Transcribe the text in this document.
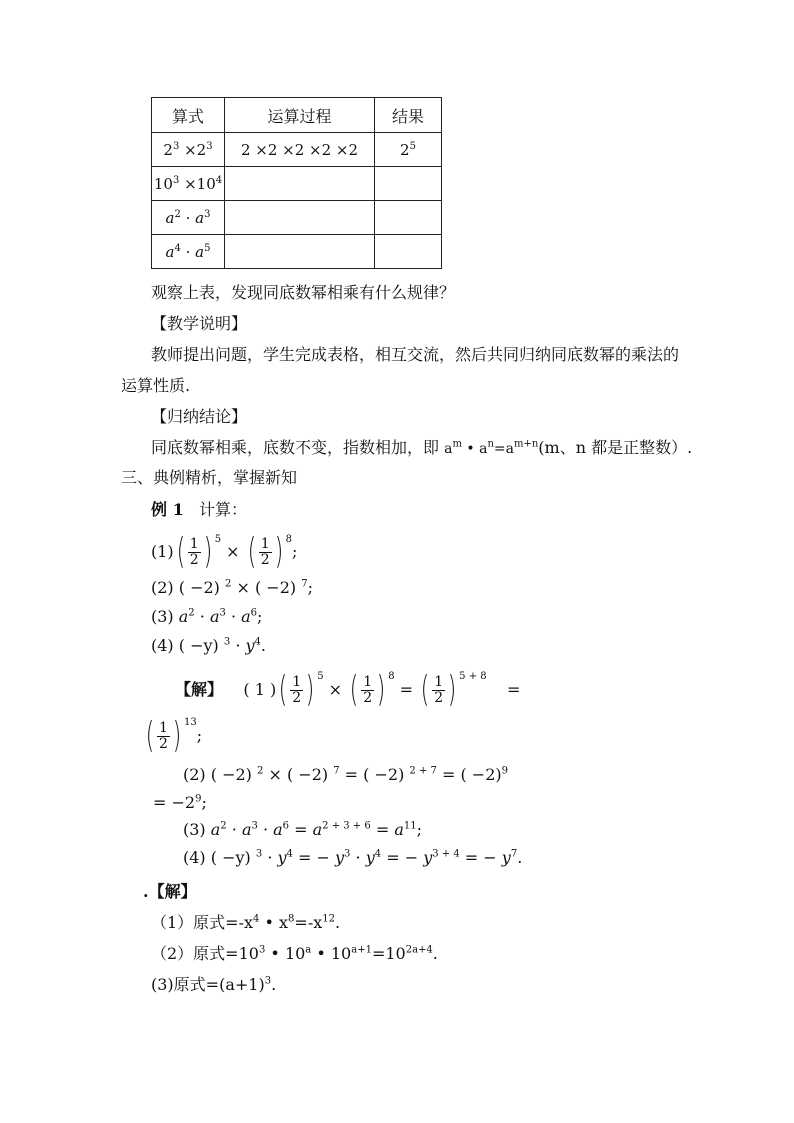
算式	运算过程	结果
$2^3 \times 2^3$	2 ×2 ×2 ×2 ×2	$2^5$
$10^3 \times 10^4$		
$a^2 \cdot a^3$		
$a^4 \cdot a^5$		
观察上表，发现同底数幂相乘有什么规律？
【教学说明】
教师提出问题，学生完成表格，相互交流，然后共同归纳同底数幂的乘法的
运算性质.
【归纳结论】
同底数幂相乘，底数不变，指数相加，即 $a^m$ • $a^n=a^{m+n}(m$、n 都是正整数）.
三、典例精析，掌握新知
例 1 计算：
(1) ( $\frac{1}{2}$ ) $^5$
× ( $\frac{1}{2}$ ) $^8$
;
(2) ( −2) $^2$ × ( −2) $^7$;
(3) $a^2 \cdot a^3 \cdot a^6$;
(4) ( −y) $^3 \cdot y^4$.
【解】
( 1 ) ( $\frac{1}{2}$ ) $^5$
× ( $\frac{1}{2}$ ) $^8$
= ( $\frac{1}{2}$ ) $^{5 + 8}$
=
( $\frac{1}{2}$ ) $^{13}$
;
(2) ( −2) $^2$ × ( −2) $^7$ = ( −2) $^{2 + 7}$ = ( −2)$^9$
= $-2^9$;
(3) $a^2 \cdot a^3 \cdot a^6 = a^{2 + 3 + 6} = a^{11}$;
(4) ( −y) $^3 \cdot y^4$ = − $y^3 \cdot y^4$ = − $y^{3 + 4}$ = − $y^7$.
.【解】
（1）原式$=-x^4$ • $x^8=-x^{12}$.
（2）原式$=10^3$ • 10$^a$ • $10^{a+1}=10^{2a+4}$.
(3)原式$=(a+1)^3$.
